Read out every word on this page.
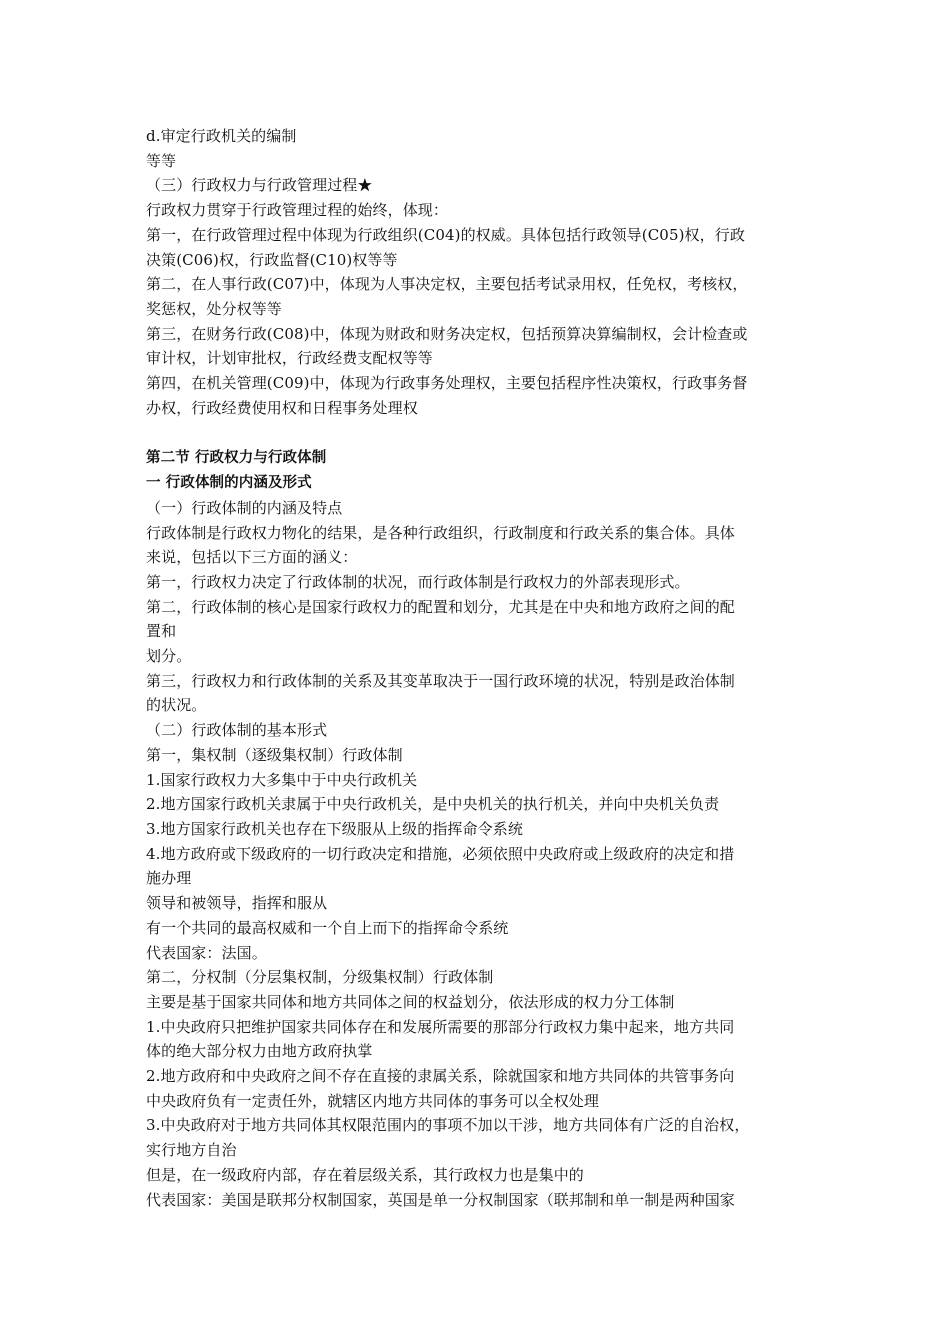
d.审定行政机关的编制
等等
（三）行政权力与行政管理过程★
行政权力贯穿于行政管理过程的始终，体现：
第一，在行政管理过程中体现为行政组织(C04)的权威。具体包括行政领导(C05)权，行政
决策(C06)权，行政监督(C10)权等等
第二，在人事行政(C07)中，体现为人事决定权，主要包括考试录用权，任免权，考核权，
奖惩权，处分权等等
第三，在财务行政(C08)中，体现为财政和财务决定权，包括预算决算编制权，会计检查或
审计权，计划审批权，行政经费支配权等等
第四，在机关管理(C09)中，体现为行政事务处理权，主要包括程序性决策权，行政事务督
办权，行政经费使用权和日程事务处理权
第二节 行政权力与行政体制
一 行政体制的内涵及形式
（一）行政体制的内涵及特点
行政体制是行政权力物化的结果，是各种行政组织，行政制度和行政关系的集合体。具体
来说，包括以下三方面的涵义：
第一，行政权力决定了行政体制的状况，而行政体制是行政权力的外部表现形式。
第二，行政体制的核心是国家行政权力的配置和划分，尤其是在中央和地方政府之间的配
置和
划分。
第三，行政权力和行政体制的关系及其变革取决于一国行政环境的状况，特别是政治体制
的状况。
（二）行政体制的基本形式
第一，集权制（逐级集权制）行政体制
1.国家行政权力大多集中于中央行政机关
2.地方国家行政机关隶属于中央行政机关，是中央机关的执行机关，并向中央机关负责
3.地方国家行政机关也存在下级服从上级的指挥命令系统
4.地方政府或下级政府的一切行政决定和措施，必须依照中央政府或上级政府的决定和措
施办理
领导和被领导，指挥和服从
有一个共同的最高权威和一个自上而下的指挥命令系统
代表国家：法国。
第二，分权制（分层集权制，分级集权制）行政体制
主要是基于国家共同体和地方共同体之间的权益划分，依法形成的权力分工体制
1.中央政府只把维护国家共同体存在和发展所需要的那部分行政权力集中起来，地方共同
体的绝大部分权力由地方政府执掌
2.地方政府和中央政府之间不存在直接的隶属关系，除就国家和地方共同体的共管事务向
中央政府负有一定责任外，就辖区内地方共同体的事务可以全权处理
3.中央政府对于地方共同体其权限范围内的事项不加以干涉，地方共同体有广泛的自治权，
实行地方自治
但是，在一级政府内部，存在着层级关系，其行政权力也是集中的
代表国家：美国是联邦分权制国家，英国是单一分权制国家（联邦制和单一制是两种国家
